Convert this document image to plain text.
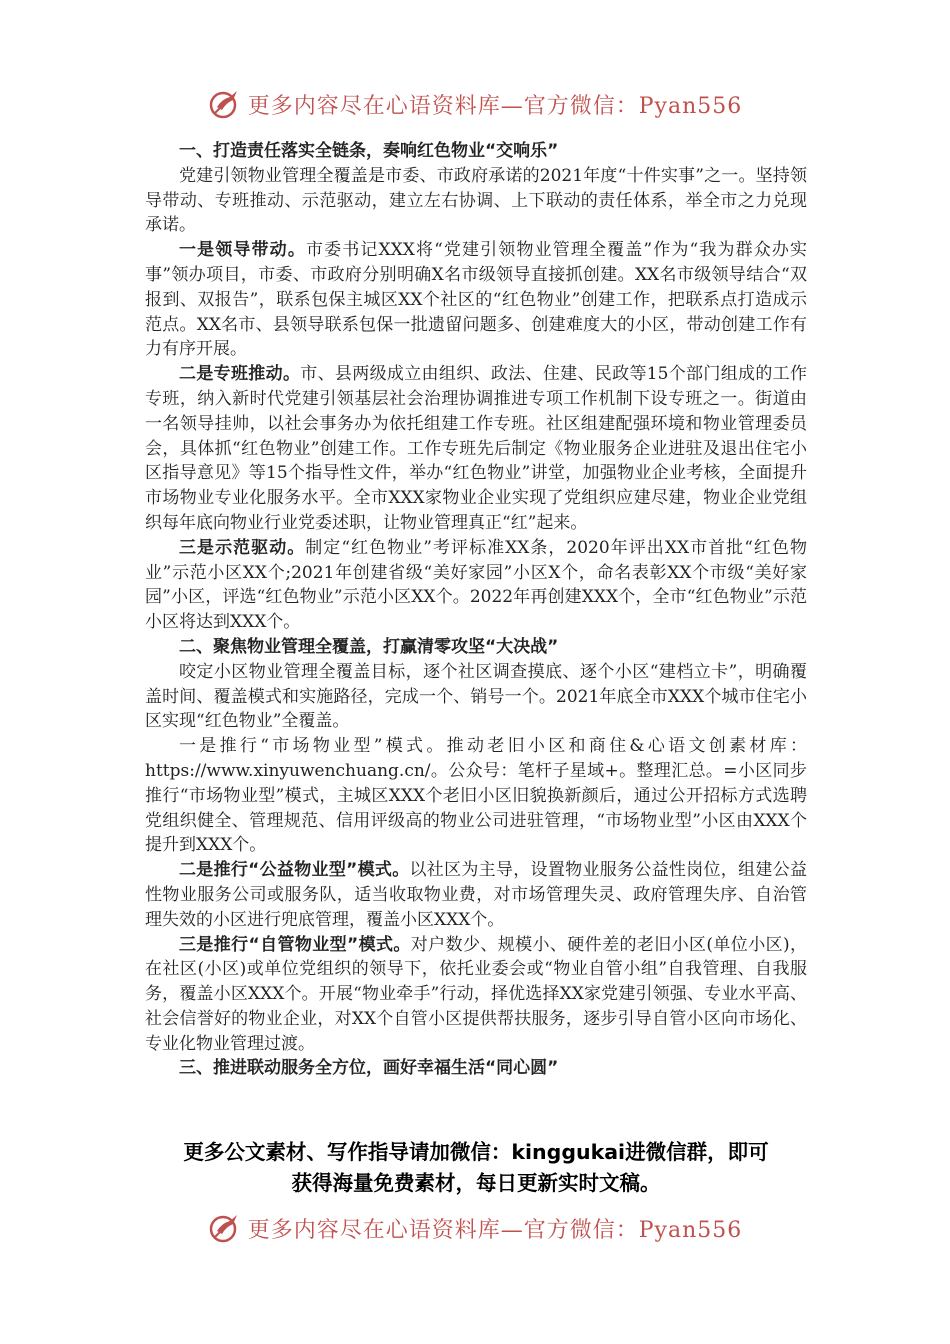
更多内容尽在心语资料库—官方微信：Pyan556

一、打造责任落实全链条，奏响红色物业“交响乐”

党建引领物业管理全覆盖是市委、市政府承诺的2021年度“十件实事”之一。坚持领导带动、专班推动、示范驱动，建立左右协调、上下联动的责任体系，举全市之力兑现承诺。

一是领导带动。市委书记XXX将“党建引领物业管理全覆盖”作为“我为群众办实事”领办项目，市委、市政府分别明确X名市级领导直接抓创建。XX名市级领导结合“双报到、双报告”，联系包保主城区XX个社区的“红色物业”创建工作，把联系点打造成示范点。XX名市、县领导联系包保一批遗留问题多、创建难度大的小区，带动创建工作有力有序开展。

二是专班推动。市、县两级成立由组织、政法、住建、民政等15个部门组成的工作专班，纳入新时代党建引领基层社会治理协调推进专项工作机制下设专班之一。街道由一名领导挂帅，以社会事务办为依托组建工作专班。社区组建配强环境和物业管理委员会，具体抓“红色物业”创建工作。工作专班先后制定《物业服务企业进驻及退出住宅小区指导意见》等15个指导性文件，举办“红色物业”讲堂，加强物业企业考核，全面提升市场物业专业化服务水平。全市XXX家物业企业实现了党组织应建尽建，物业企业党组织每年底向物业行业党委述职，让物业管理真正“红”起来。

三是示范驱动。制定“红色物业”考评标准XX条，2020年评出XX市首批“红色物业”示范小区XX个;2021年创建省级“美好家园”小区X个，命名表彰XX个市级“美好家园”小区，评选“红色物业”示范小区XX个。2022年再创建XXX个，全市“红色物业”示范小区将达到XXX个。

二、聚焦物业管理全覆盖，打赢清零攻坚“大决战”

咬定小区物业管理全覆盖目标，逐个社区调查摸底、逐个小区“建档立卡”，明确覆盖时间、覆盖模式和实施路径，完成一个、销号一个。2021年底全市XXX个城市住宅小区实现“红色物业”全覆盖。

一是推行“市场物业型”模式。推动老旧小区和商住&心语文创素材库：https://www.xinyuwenchuang.cn/。公众号：笔杆子星域+。整理汇总。=小区同步推行“市场物业型”模式，主城区XXX个老旧小区旧貌换新颜后，通过公开招标方式选聘党组织健全、管理规范、信用评级高的物业公司进驻管理，“市场物业型”小区由XXX个提升到XXX个。

二是推行“公益物业型”模式。以社区为主导，设置物业服务公益性岗位，组建公益性物业服务公司或服务队，适当收取物业费，对市场管理失灵、政府管理失序、自治管理失效的小区进行兜底管理，覆盖小区XXX个。

三是推行“自管物业型”模式。对户数少、规模小、硬件差的老旧小区(单位小区)，在社区(小区)或单位党组织的领导下，依托业委会或“物业自管小组”自我管理、自我服务，覆盖小区XXX个。开展“物业牵手”行动，择优选择XX家党建引领强、专业水平高、社会信誉好的物业企业，对XX个自管小区提供帮扶服务，逐步引导自管小区向市场化、专业化物业管理过渡。

三、推进联动服务全方位，画好幸福生活“同心圆”

更多公文素材、写作指导请加微信：kinggukai进微信群，即可
获得海量免费素材，每日更新实时文稿。
更多内容尽在心语资料库—官方微信：Pyan556
